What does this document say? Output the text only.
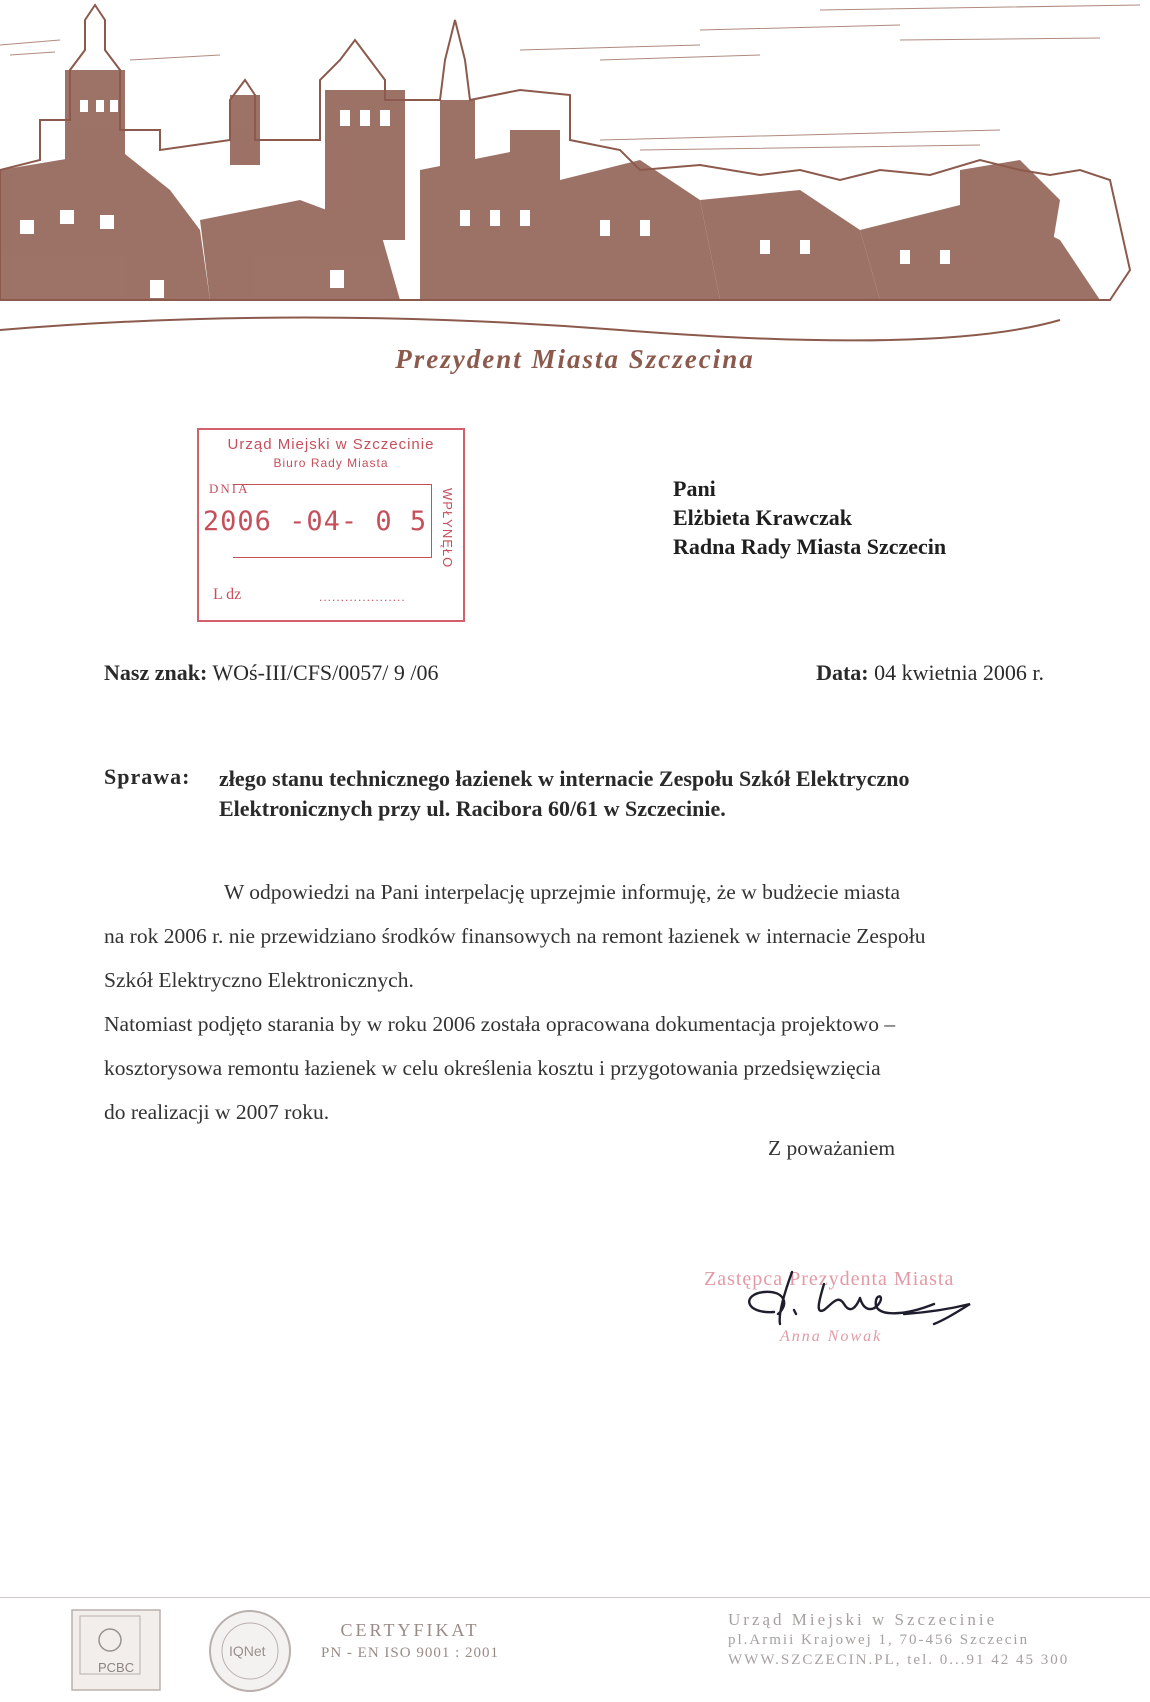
Prezydent Miasta Szczecina
Urząd Miejski w Szczecinie
Biuro Rady Miasta
DNIA
2006 -04- 0 5 WPŁYNĘŁO
L dz	....................
Pani
Elżbieta Krawczak
Radna Rady Miasta Szczecin
Nasz znak: WOś-III/CFS/0057/ 9 /06	Data: 04 kwietnia 2006 r.
Sprawa: złego stanu technicznego łazienek w internacie Zespołu Szkół Elektryczno
Elektronicznych przy ul. Racibora 60/61 w Szczecinie.
W odpowiedzi na Pani interpelację uprzejmie informuję, że w budżecie miasta
na rok 2006 r. nie przewidziano środków finansowych na remont łazienek w internacie Zespołu
Szkół Elektryczno Elektronicznych.
Natomiast podjęto starania by w roku 2006 została opracowana dokumentacja projektowo –
kosztorysowa remontu łazienek w celu określenia kosztu i przygotowania przedsięwzięcia
do realizacji w 2007 roku.
Z poważaniem
Zastępca Prezydenta Miasta
Anna Nowak
PCBC
IQNet
CERTYFIKAT
PN - EN ISO 9001 : 2001
Urząd Miejski w Szczecinie
pl.Armii Krajowej 1, 70-456 Szczecin
WWW.SZCZECIN.PL, tel. 0...91 42 45 300
